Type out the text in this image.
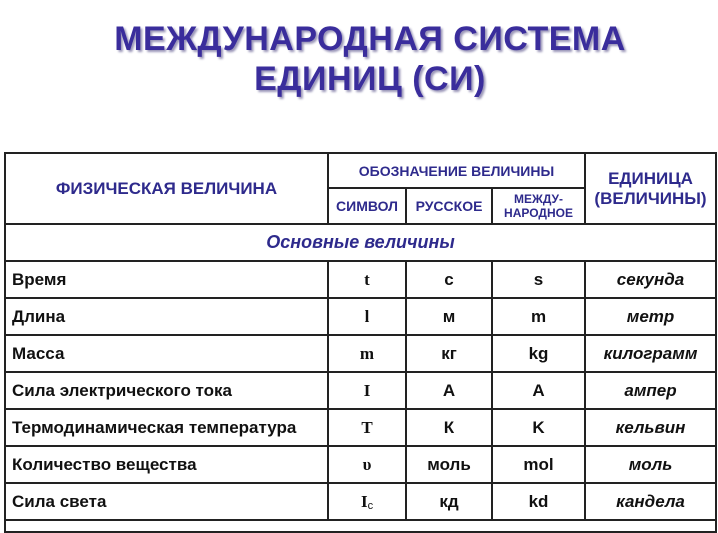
МЕЖДУНАРОДНАЯ СИСТЕМА
ЕДИНИЦ (СИ)
ФИЗИЧЕСКАЯ ВЕЛИЧИНА	ОБОЗНАЧЕНИЕ ВЕЛИЧИНЫ			ЕДИНИЦА
(ВЕЛИЧИНЫ)

	СИМВОЛ	РУССКОЕ	МЕЖДУ-
НАРОДНОЕ	

Основные величины				
Время	t	с	s	секунда
Длина	l	м	m	метр
Масса	m	кг	kg	килограмм
Сила электрического тока	I	А	A	ампер
Термодинамическая температура	T	К	K	кельвин
Количество вещества	υ	моль	mol	моль
Сила света	$I_c$	кд	kd	кандела
